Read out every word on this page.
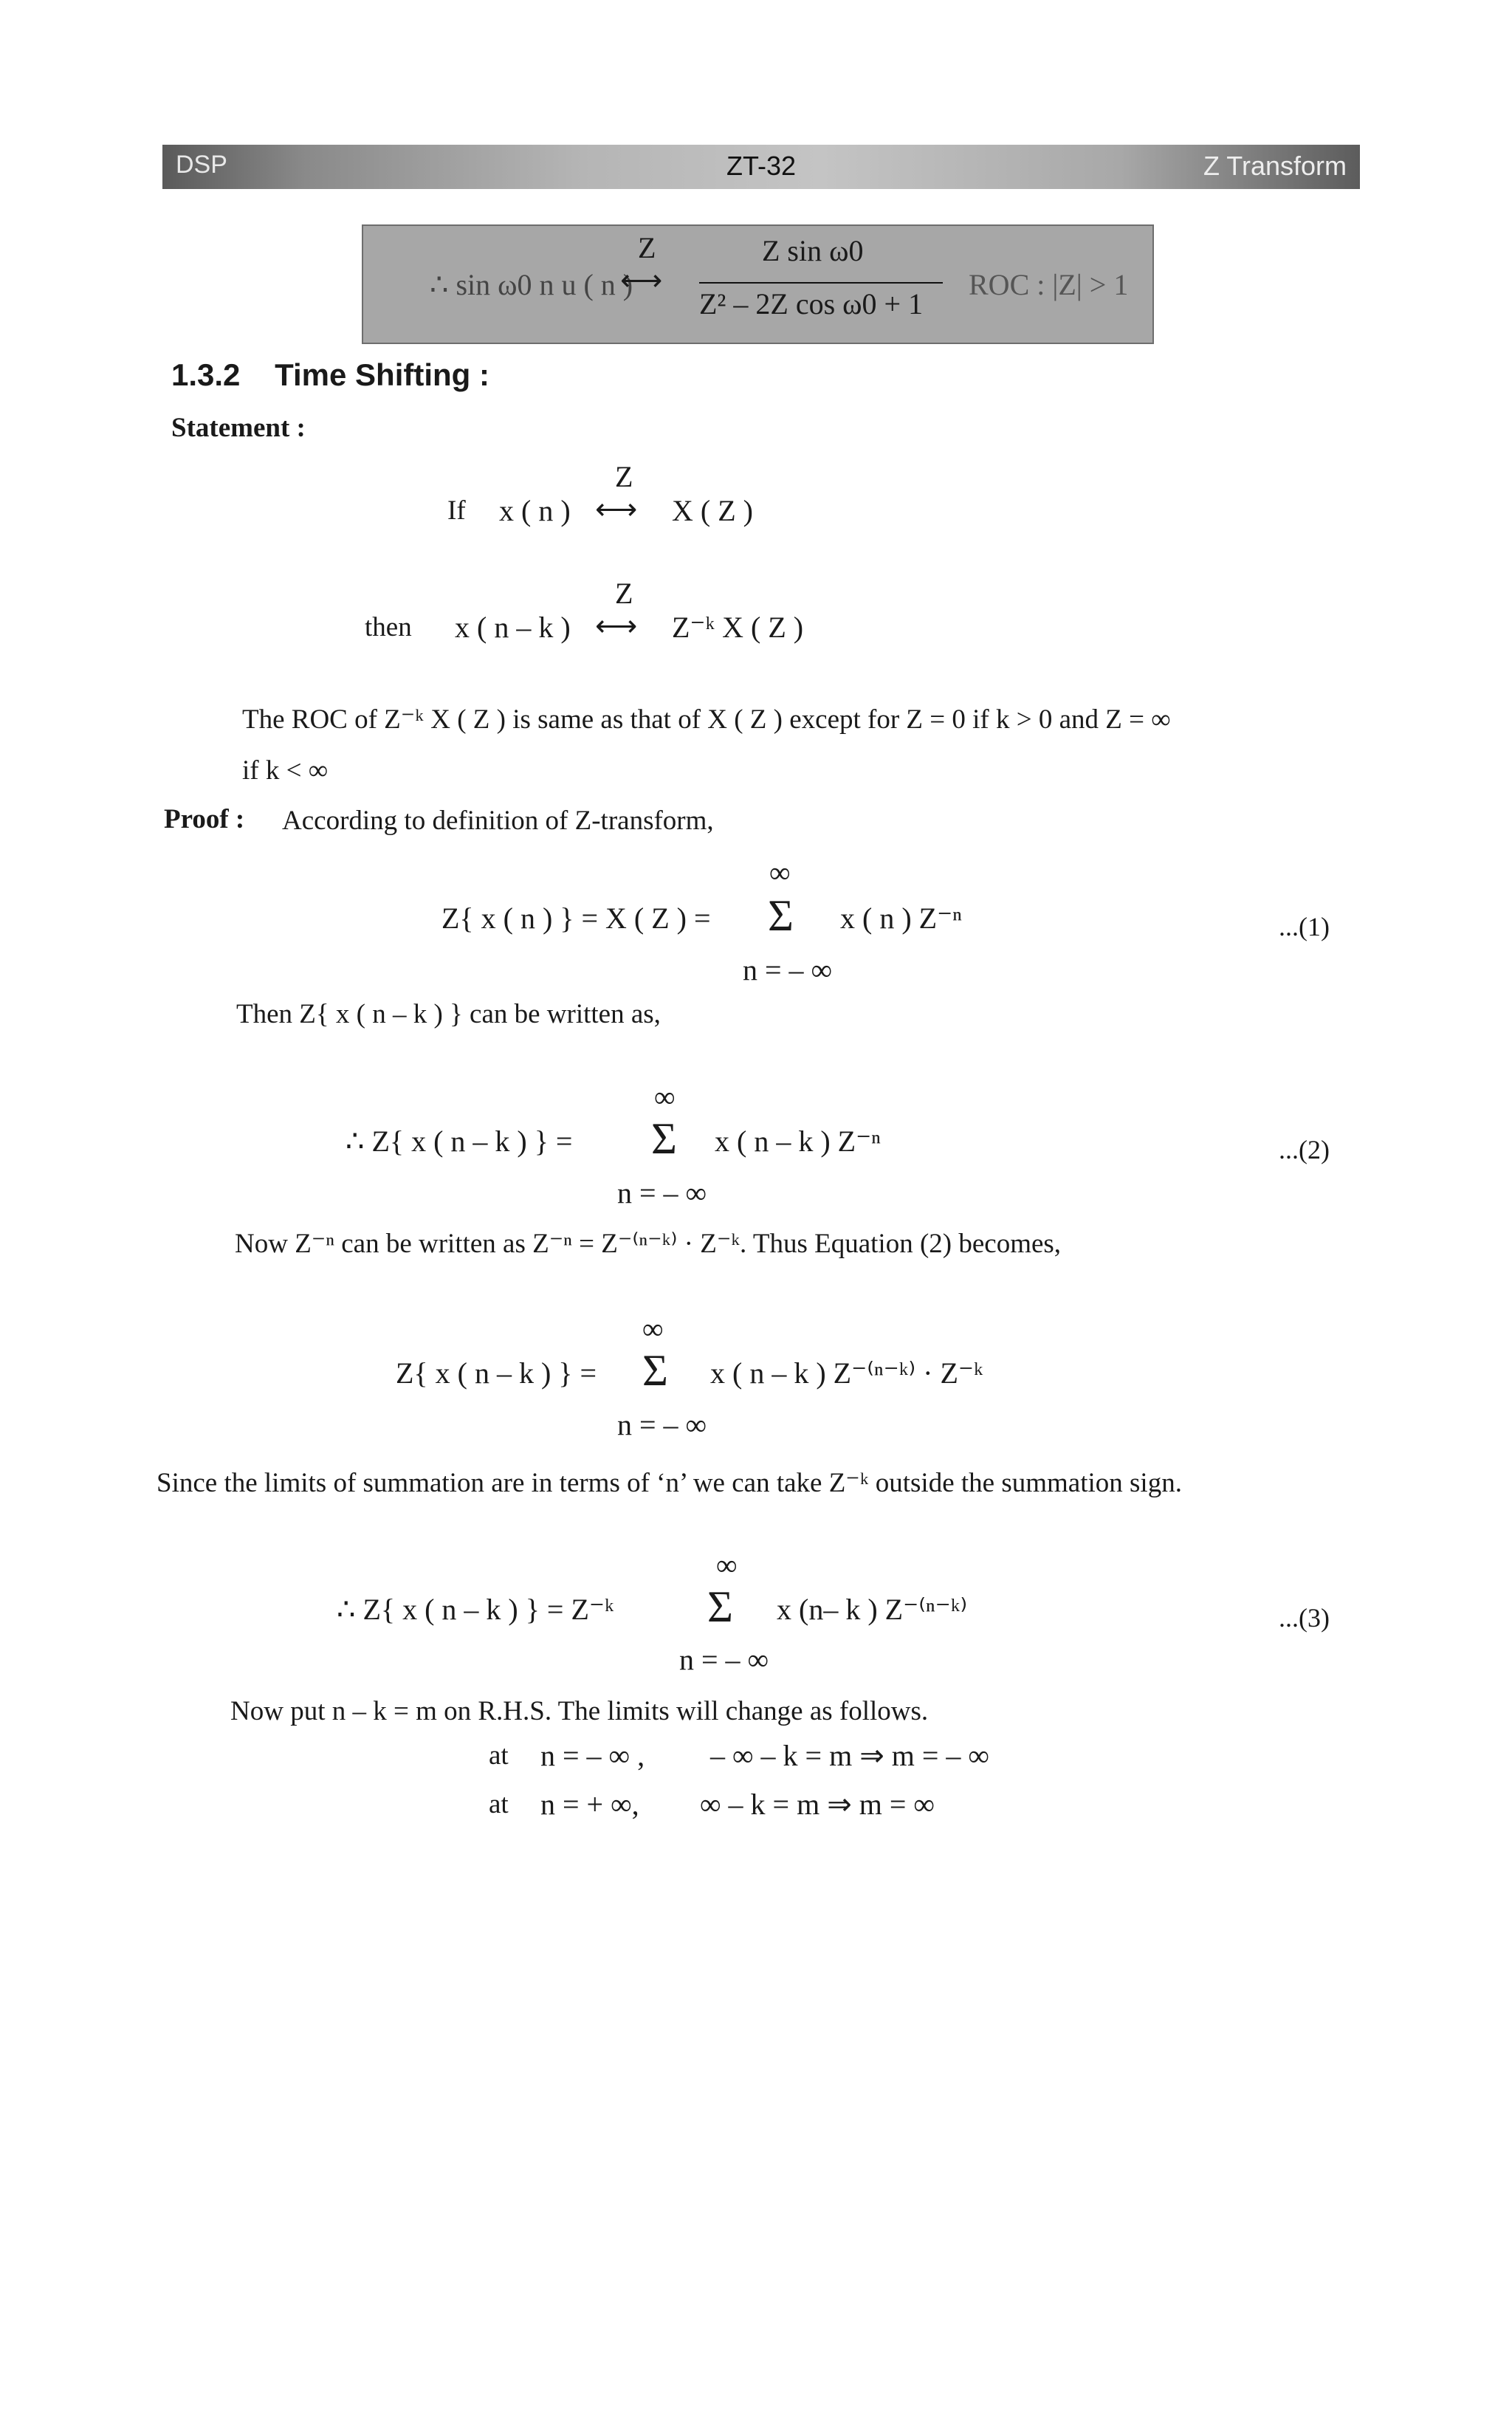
DSP	ZT-32	Z Transform
∴ sin ω0 n u ( n )
Z
⟷
Z sin ω0
Z² – 2Z cos ω0 + 1
ROC : |Z| > 1
1.3.2 Time Shifting :
Statement :
Z
If x ( n ) ⟷ X ( Z )
Z
then x ( n – k ) ⟷ Z⁻ᵏ X ( Z )
The ROC of Z⁻ᵏ X ( Z ) is same as that of X ( Z ) except for Z = 0 if k > 0 and Z = ∞
if k < ∞
Proof : According to definition of Z-transform,
∞
Z{ x ( n ) } = X ( Z ) = Σ x ( n ) Z⁻ⁿ
n = – ∞
...(1)
Then Z{ x ( n – k ) } can be written as,
∞
∴ Z{ x ( n – k ) } = Σ x ( n – k ) Z⁻ⁿ
n = – ∞
...(2)
Now Z⁻ⁿ can be written as Z⁻ⁿ = Z⁻⁽ⁿ⁻ᵏ⁾ · Z⁻ᵏ. Thus Equation (2) becomes,
∞
Z{ x ( n – k ) } = Σ x ( n – k ) Z⁻⁽ⁿ⁻ᵏ⁾ · Z⁻ᵏ
n = – ∞
Since the limits of summation are in terms of ‘n’ we can take Z⁻ᵏ outside the summation sign.
∞
∴ Z{ x ( n – k ) } = Z⁻ᵏ Σ x (n– k ) Z⁻⁽ⁿ⁻ᵏ⁾
n = – ∞
...(3)
Now put n – k = m on R.H.S. The limits will change as follows.
at n = – ∞ , – ∞ – k = m ⇒ m = – ∞
at n = + ∞, ∞ – k = m ⇒ m = ∞
